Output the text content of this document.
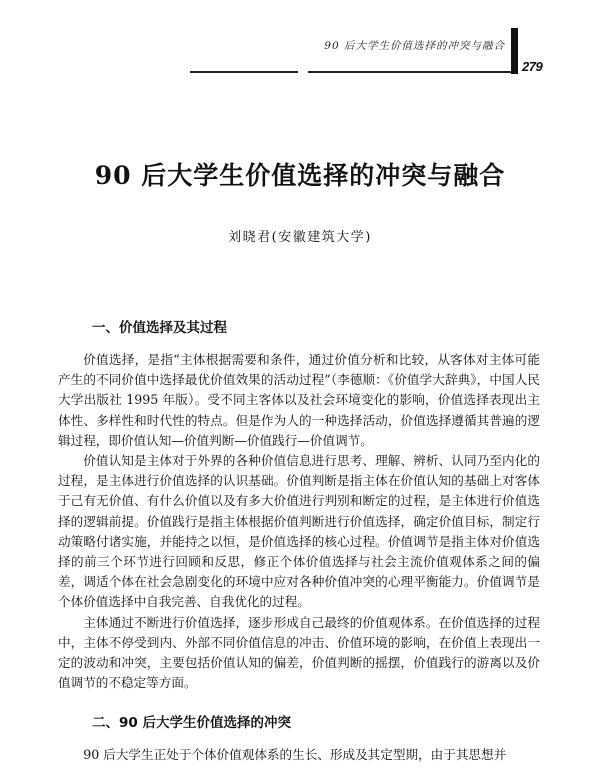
90 后大学生价值选择的冲突与融合
279
90 后大学生价值选择的冲突与融合
刘晓君(安徽建筑大学)
一、价值选择及其过程

价值选择，是指“主体根据需要和条件，通过价值分析和比较，从客体对主体可能产生的不同价值中选择最优价值效果的活动过程”（李德顺：《价值学大辞典》，中国人民大学出版社 1995 年版）。受不同主客体以及社会环境变化的影响，价值选择表现出主体性、多样性和时代性的特点。但是作为人的一种选择活动，价值选择遵循其普遍的逻辑过程，即价值认知—价值判断—价值践行—价值调节。

价值认知是主体对于外界的各种价值信息进行思考、理解、辨析、认同乃至内化的过程，是主体进行价值选择的认识基础。价值判断是指主体在价值认知的基础上对客体于己有无价值、有什么价值以及有多大价值进行判别和断定的过程，是主体进行价值选择的逻辑前提。价值践行是指主体根据价值判断进行价值选择，确定价值目标，制定行动策略付诸实施，并能持之以恒，是价值选择的核心过程。价值调节是指主体对价值选择的前三个环节进行回顾和反思，修正个体价值选择与社会主流价值观体系之间的偏差，调适个体在社会急剧变化的环境中应对各种价值冲突的心理平衡能力。价值调节是个体价值选择中自我完善、自我优化的过程。

主体通过不断进行价值选择，逐步形成自己最终的价值观体系。在价值选择的过程中，主体不停受到内、外部不同价值信息的冲击、价值环境的影响，在价值上表现出一定的波动和冲突，主要包括价值认知的偏差，价值判断的摇摆，价值践行的游离以及价值调节的不稳定等方面。

二、90 后大学生价值选择的冲突

90 后大学生正处于个体价值观体系的生长、形成及其定型期，由于其思想并
